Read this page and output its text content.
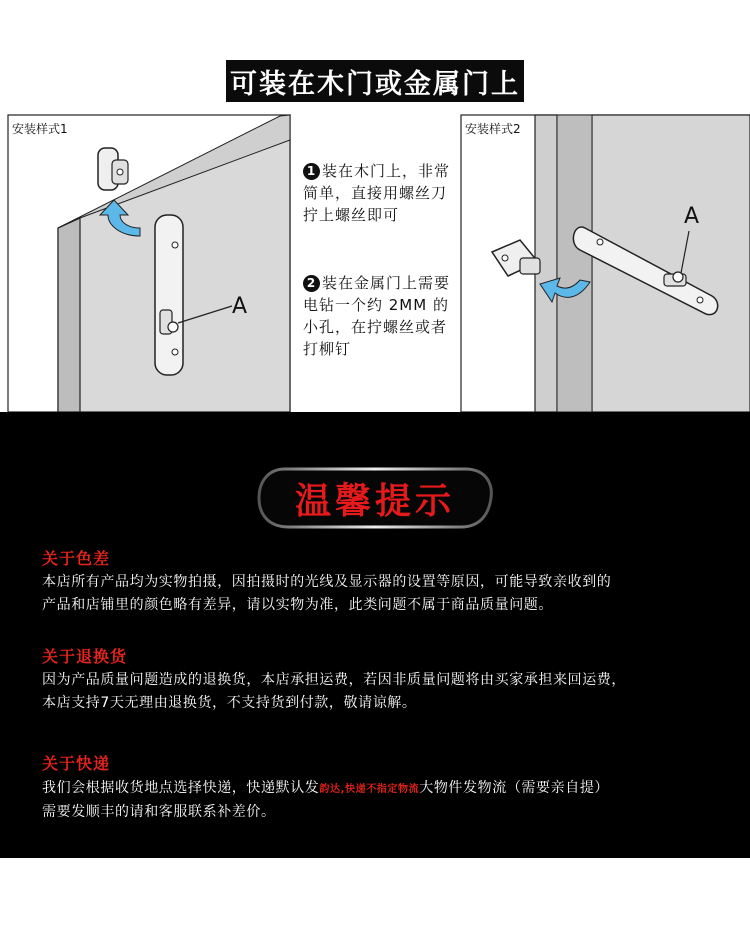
可装在木门或金属门上
安装样式1
A
安装样式2
A
1 装在木门上，非常简单，直接用螺丝刀拧上螺丝即可
2 装在金属门上需要电钻一个约 2MM 的小孔，在拧螺丝或者打柳钉
温馨提示
关于色差
本店所有产品均为实物拍摄，因拍摄时的光线及显示器的设置等原因，可能导致亲收到的
产品和店铺里的颜色略有差异，请以实物为准，此类问题不属于商品质量问题。
关于退换货
因为产品质量问题造成的退换货，本店承担运费，若因非质量问题将由买家承担来回运费，
本店支持7天无理由退换货，不支持货到付款，敬请谅解。
关于快递
我们会根据收货地点选择快递，快递默认发韵达,快递不指定物流大物件发物流（需要亲自提）
需要发顺丰的请和客服联系补差价。
